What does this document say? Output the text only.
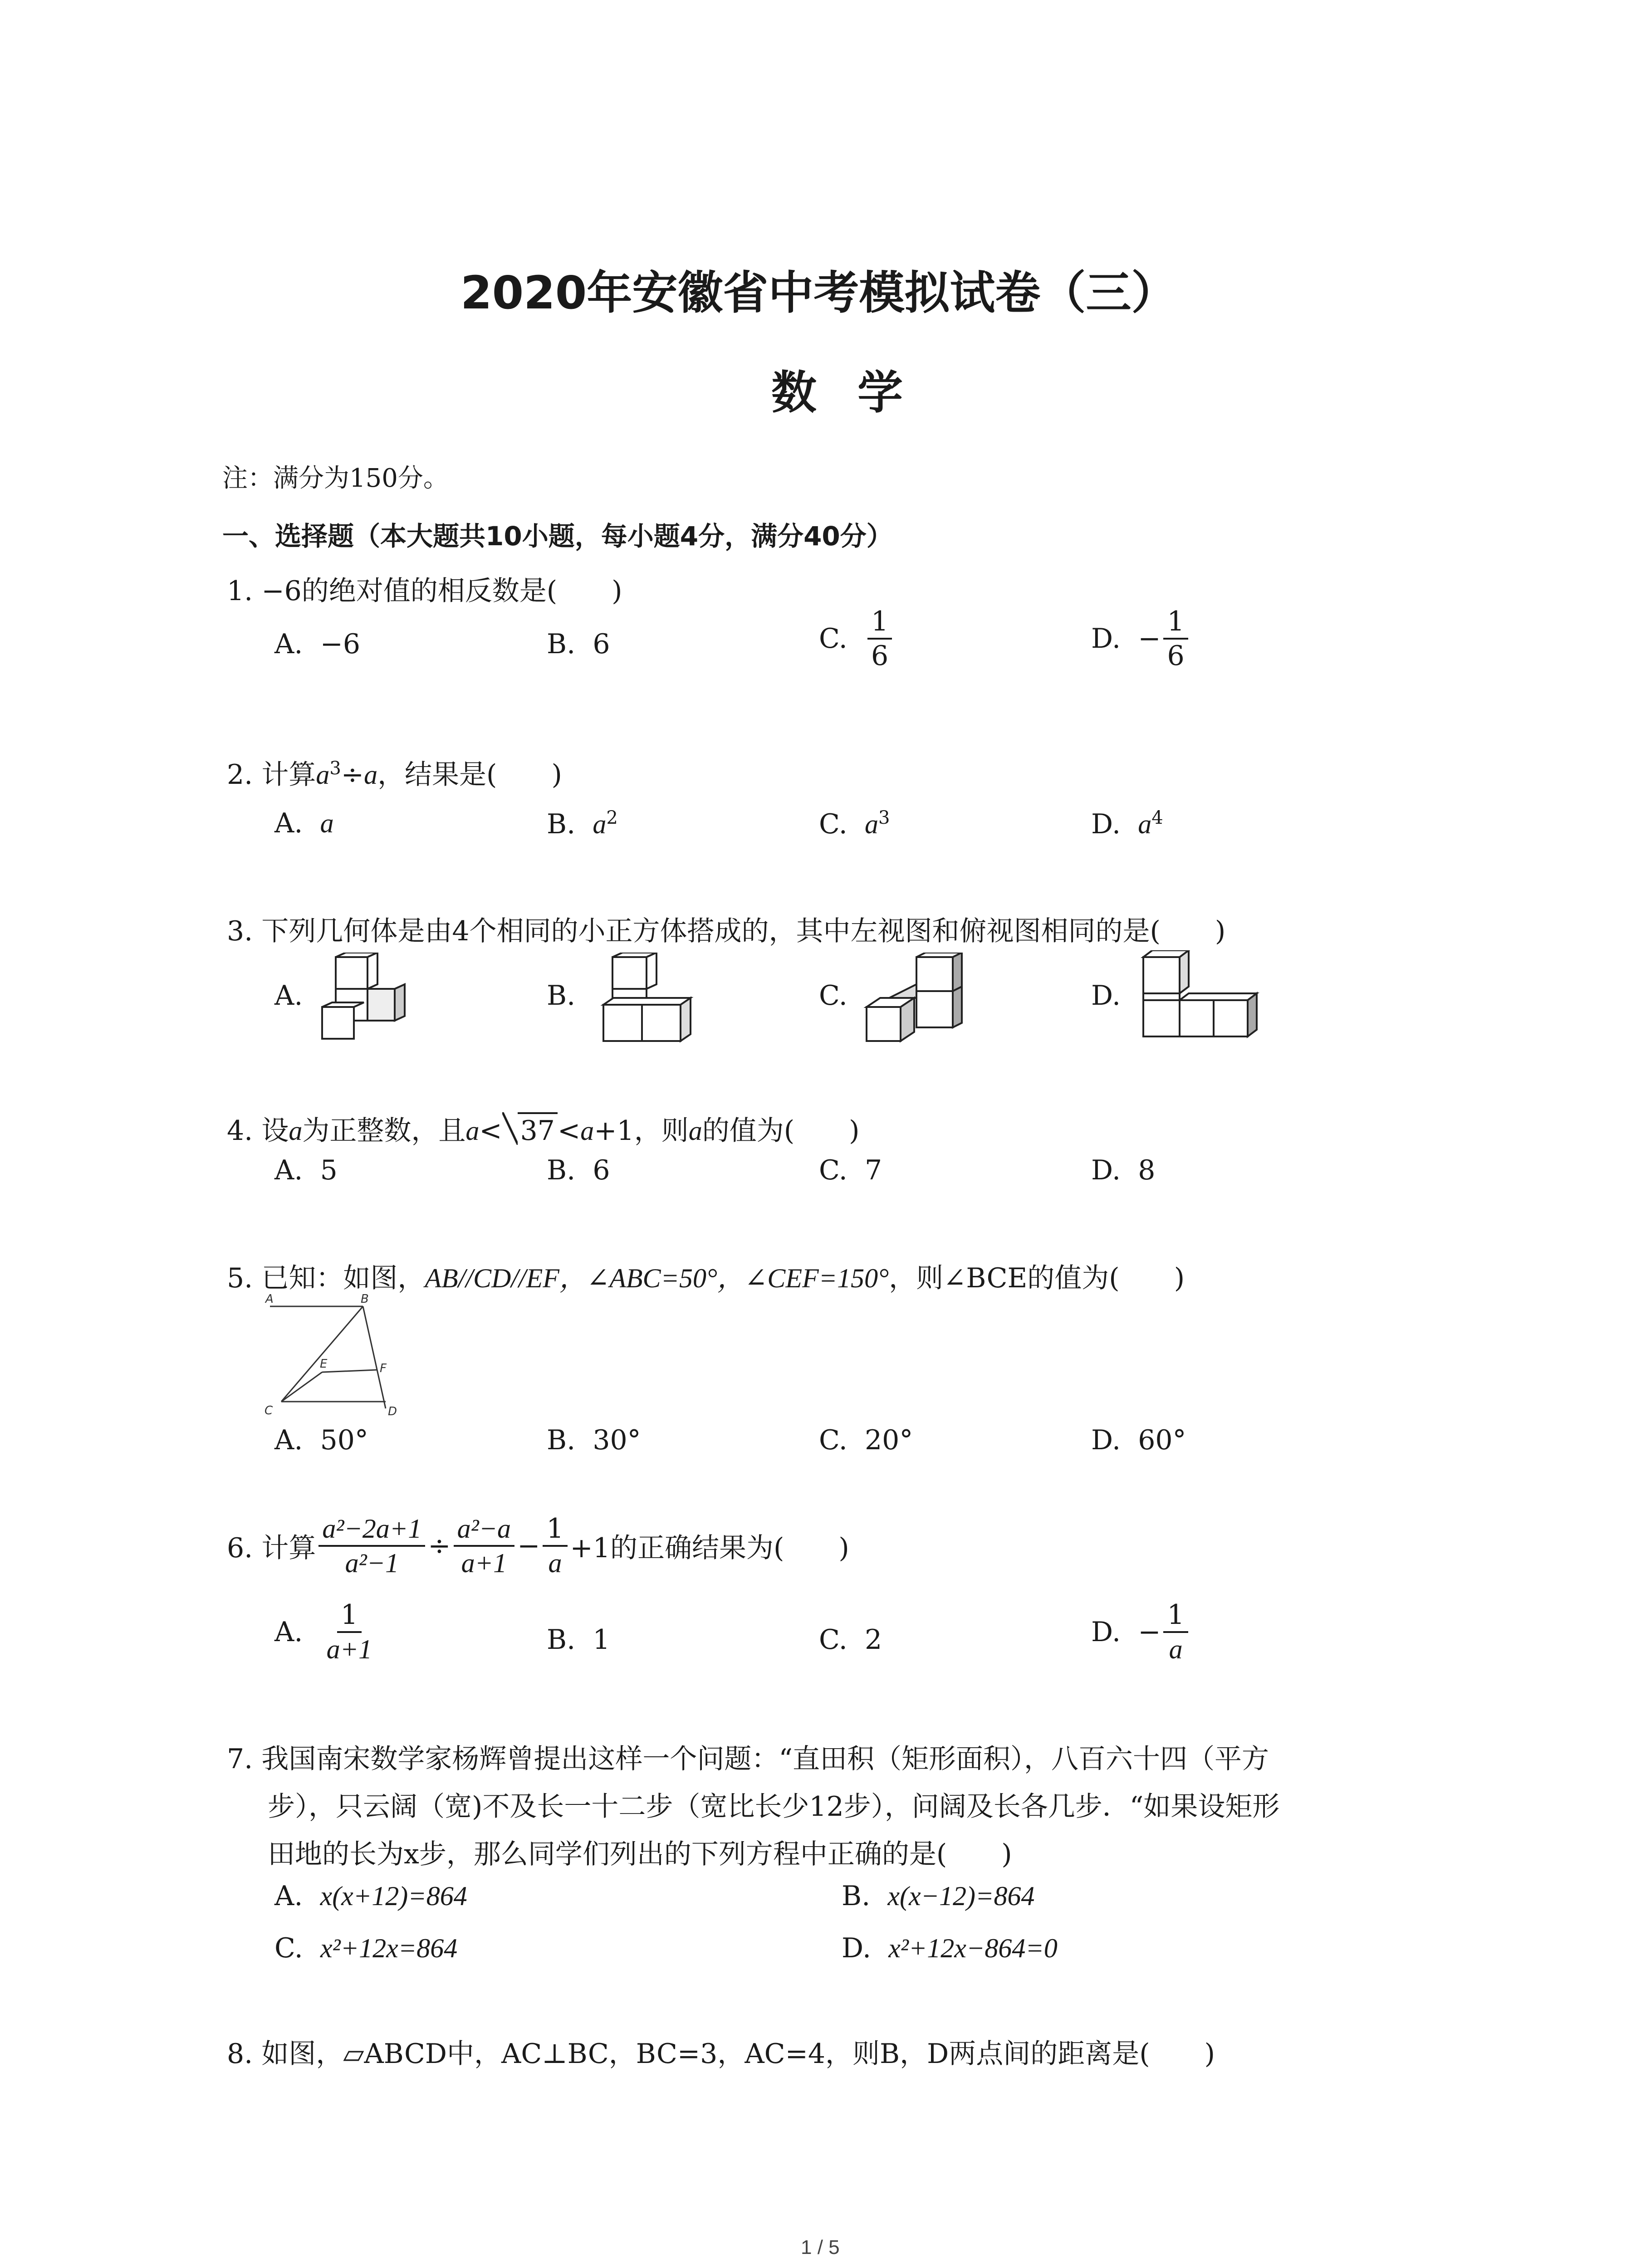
2020年安徽省中考模拟试卷（三）
数学
注：满分为150分。
一、选择题（本大题共10小题，每小题4分，满分40分）
1. −6的绝对值的相反数是(　　)
A. −6	B. 6	C.
$\frac{1}{6}$	D.
− $\frac{1}{6}$
2. 计算$a^3\div a$，结果是(　　)
A. a	B. $a^2$	C. $a^3$	D. $a^4$
3. 下列几何体是由4个相同的小正方体搭成的，其中左视图和俯视图相同的是(　　)
A.	B.	C.	D.
4. 设a为正整数，且a< 37 <a+1，则a的值为(　　)
A. 5	B. 6	C. 7	D. 8
5. 已知：如图，AB//CD//EF，∠ABC=50°，∠CEF=150°，则∠BCE的值为(　　)
A	B
C	D
E	F
A. 50°	B. 30°	C. 20°	D. 60°
6. 计算 $\frac{\text{a²−2a+1}}{\text{a²−1}} \div \frac{\text{a²−a}}{a+1} - \frac{1}{a} +1$的正确结果为(　　)
A.
$\frac{1}{a+1}$	B. 1	C. 2	D.
− $\frac{1}{a}$
7. 我国南宋数学家杨辉曾提出这样一个问题：“直田积（矩形面积），八百六十四（平方
步），只云阔（宽)不及长一十二步（宽比长少12步），问阔及长各几步．“如果设矩形
田地的长为x步，那么同学们列出的下列方程中正确的是(　　)
A. x(x+12)=864	B. x(x−12)=864
C. x²+12x=864	D. x²+12x−864=0
8. 如图，▱ABCD中，AC⊥BC，BC=3，AC=4，则B，D两点间的距离是(　　)
1 / 5
